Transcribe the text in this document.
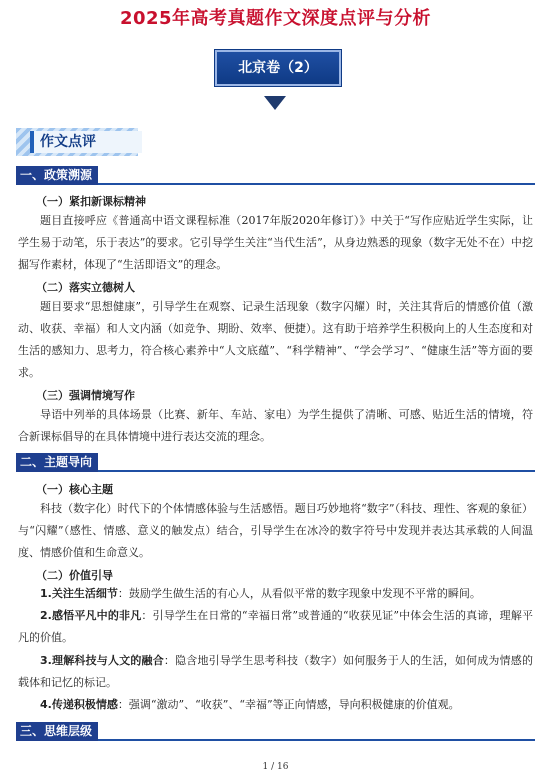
2025年高考真题作文深度点评与分析
北京卷（2）
作文点评
一、政策溯源
（一）紧扣新课标精神

题目直接呼应《普通高中语文课程标准（2017年版2020年修订）》中关于“写作应贴近学生实际，让学生易于动笔，乐于表达”的要求。它引导学生关注“当代生活”，从身边熟悉的现象（数字无处不在）中挖掘写作素材，体现了“生活即语文”的理念。

（二）落实立德树人

题目要求“思想健康”，引导学生在观察、记录生活现象（数字闪耀）时，关注其背后的情感价值（激动、收获、幸福）和人文内涵（如竞争、期盼、效率、便捷）。这有助于培养学生积极向上的人生态度和对生活的感知力、思考力，符合核心素养中“人文底蕴”、“科学精神”、“学会学习”、“健康生活”等方面的要求。

（三）强调情境写作

导语中列举的具体场景（比赛、新年、车站、家电）为学生提供了清晰、可感、贴近生活的情境，符合新课标倡导的在具体情境中进行表达交流的理念。

二、主题导向
（一）核心主题

科技（数字化）时代下的个体情感体验与生活感悟。题目巧妙地将“数字”（科技、理性、客观的象征）与“闪耀”（感性、情感、意义的触发点）结合，引导学生在冰冷的数字符号中发现并表达其承载的人间温度、情感价值和生命意义。

（二）价值引导

1.关注生活细节：鼓励学生做生活的有心人，从看似平常的数字现象中发现不平常的瞬间。

2.感悟平凡中的非凡：引导学生在日常的“幸福日常”或普通的“收获见证”中体会生活的真谛，理解平凡的价值。

3.理解科技与人文的融合：隐含地引导学生思考科技（数字）如何服务于人的生活，如何成为情感的载体和记忆的标记。

4.传递积极情感：强调“激动”、“收获”、“幸福”等正向情感，导向积极健康的价值观。

三、思维层级
1 / 16
